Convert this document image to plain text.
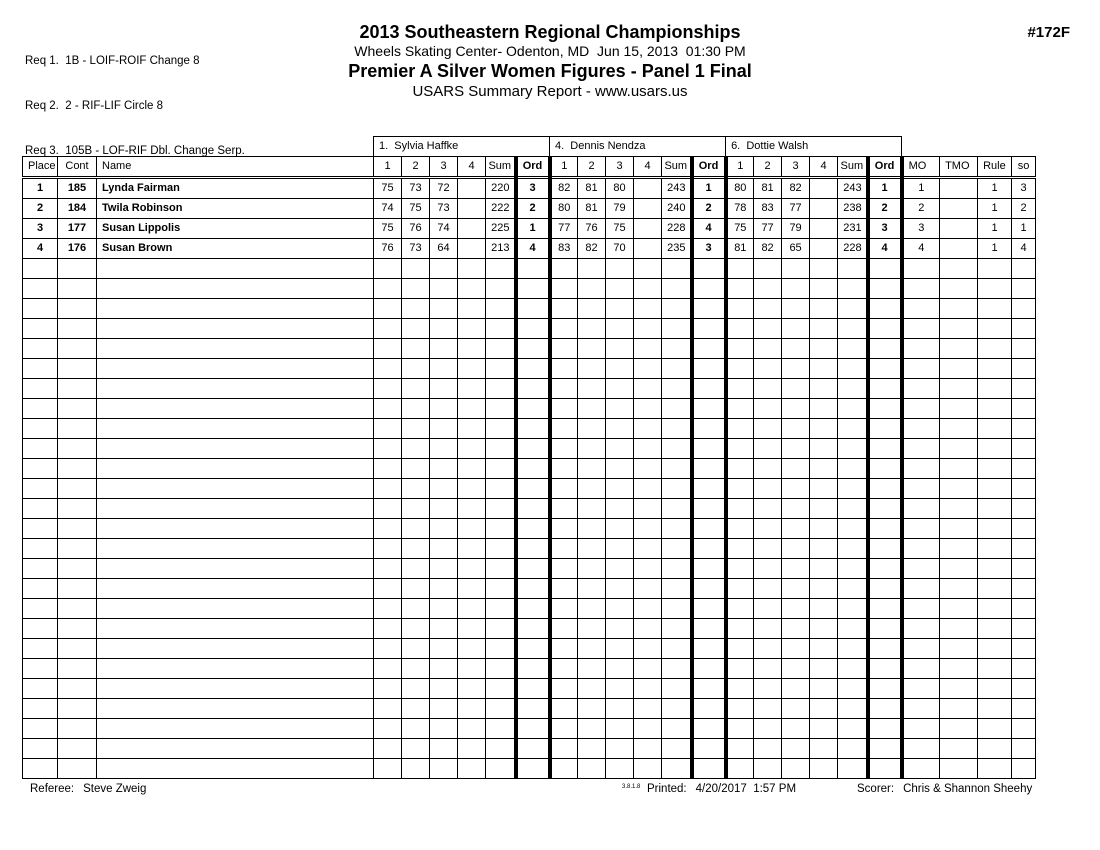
Req 1.  1B - LOIF-ROIF Change 8

Req 2.  2 - RIF-LIF Circle 8

Req 3.  105B - LOF-RIF Dbl. Change Serp.

2013 Southeastern Regional Championships
Wheels Skating Center- Odenton, MD  Jun 15, 2013  01:30 PM
Premier A Silver Women Figures - Panel 1 Final
USARS Summary Report - www.usars.us
#172F
			1.  Sylvia Haffke						4.  Dennis Nendza						6.  Dottie Walsh									
Place	Cont	Name	1	2	3	4	Sum	Ord	1	2	3	4	Sum	Ord	1	2	3	4	Sum	Ord	MO	TMO	Rule	so
1	185	Lynda Fairman	75	73	72		220	3	82	81	80		243	1	80	81	82		243	1	1		1	3
2	184	Twila Robinson	74	75	73		222	2	80	81	79		240	2	78	83	77		238	2	2		1	2
3	177	Susan Lippolis	75	76	74		225	1	77	76	75		228	4	75	77	79		231	3	3		1	1
4	176	Susan Brown	76	73	64		213	4	83	82	70		235	3	81	82	65		228	4	4		1	4

Referee: Steve Zweig	3.8.1.8 Printed: 4/20/2017  1:57 PM	Scorer: Chris & Shannon Sheehy
